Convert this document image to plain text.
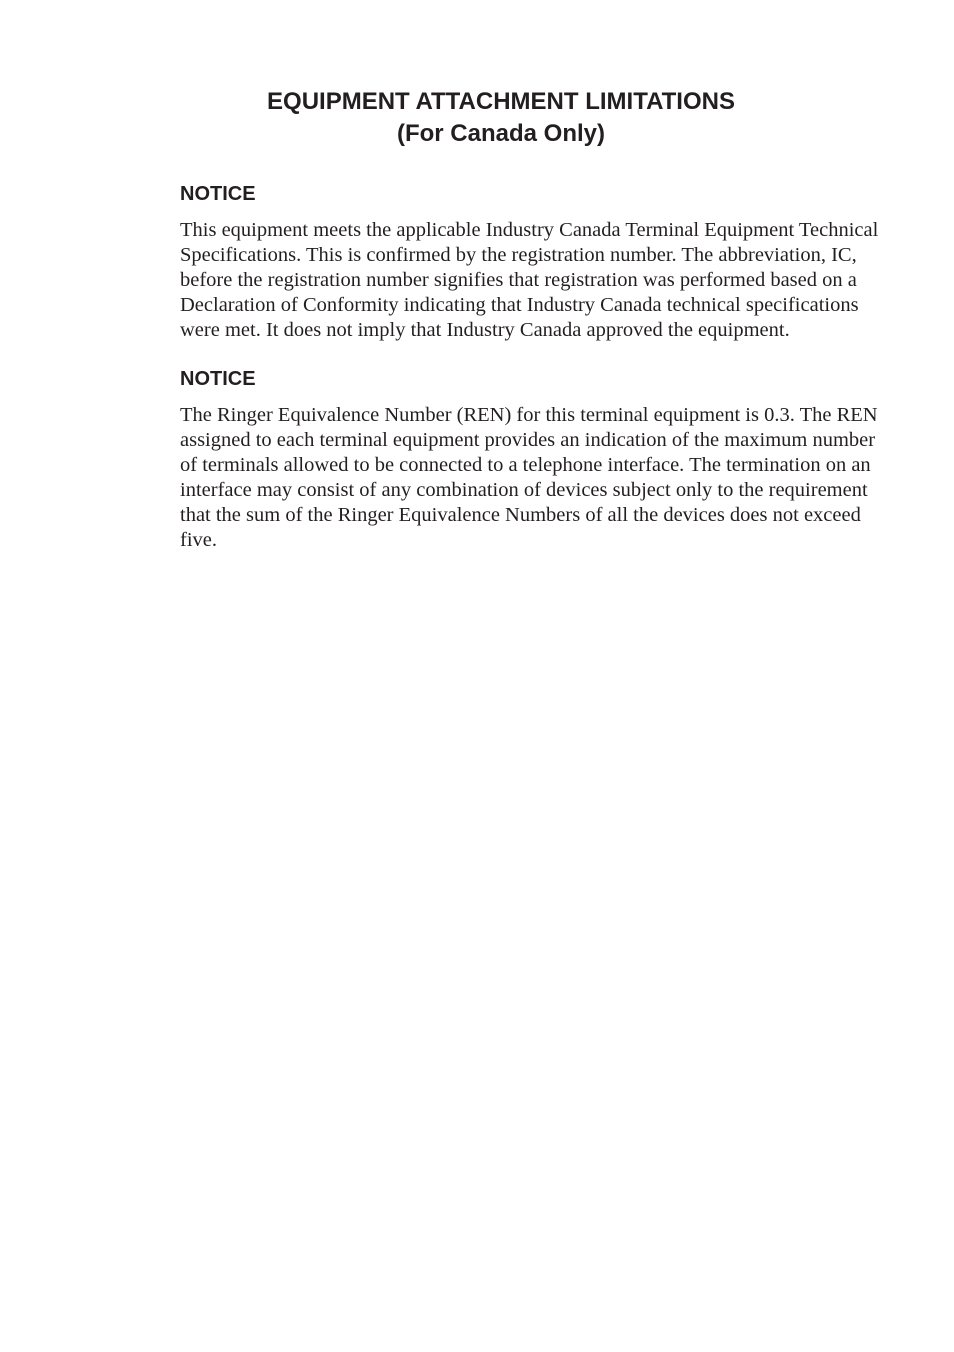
EQUIPMENT ATTACHMENT LIMITATIONS
(For Canada Only)
NOTICE

This equipment meets the applicable Industry Canada Terminal Equipment Technical Specifications. This is confirmed by the registration number. The abbreviation, IC, before the registration number signifies that registration was performed based on a Declaration of Conformity indicating that Industry Canada technical specifications were met. It does not imply that Industry Canada approved the equipment.

NOTICE

The Ringer Equivalence Number (REN) for this terminal equipment is 0.3. The REN assigned to each terminal equipment provides an indication of the maximum number of terminals allowed to be connected to a telephone interface. The termination on an interface may consist of any combination of devices subject only to the requirement that the sum of the Ringer Equivalence Numbers of all the devices does not exceed five.
